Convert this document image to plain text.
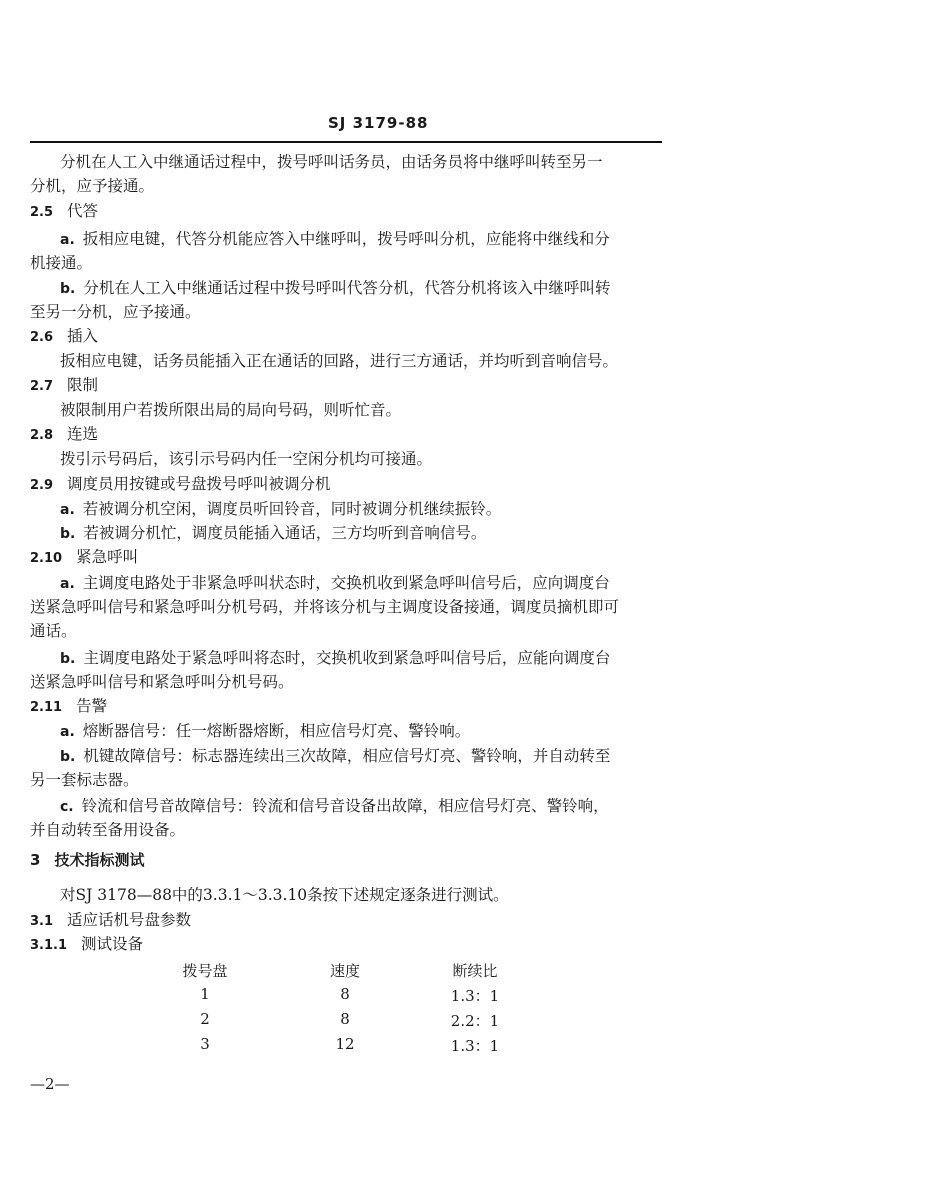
SJ 3179-88
分机在人工入中继通话过程中，拨号呼叫话务员，由话务员将中继呼叫转至另一
分机，应予接通。
2.5 代答
a. 扳相应电键，代答分机能应答入中继呼叫，拨号呼叫分机，应能将中继线和分
机接通。
b. 分机在人工入中继通话过程中拨号呼叫代答分机，代答分机将该入中继呼叫转
至另一分机，应予接通。
2.6 插入
扳相应电键，话务员能插入正在通话的回路，进行三方通话，并均听到音响信号。
2.7 限制
被限制用户若拨所限出局的局向号码，则听忙音。
2.8 连选
拨引示号码后，该引示号码内任一空闲分机均可接通。
2.9 调度员用按键或号盘拨号呼叫被调分机
a. 若被调分机空闲，调度员听回铃音，同时被调分机继续振铃。
b. 若被调分机忙，调度员能插入通话，三方均听到音响信号。
2.10 紧急呼叫
a. 主调度电路处于非紧急呼叫状态时，交换机收到紧急呼叫信号后，应向调度台
送紧急呼叫信号和紧急呼叫分机号码，并将该分机与主调度设备接通，调度员摘机即可
通话。
b. 主调度电路处于紧急呼叫将态时，交换机收到紧急呼叫信号后，应能向调度台
送紧急呼叫信号和紧急呼叫分机号码。
2.11 告警
a. 熔断器信号：任一熔断器熔断，相应信号灯亮、警铃响。
b. 机键故障信号：标志器连续出三次故障，相应信号灯亮、警铃响，并自动转至
另一套标志器。
c. 铃流和信号音故障信号：铃流和信号音设备出故障，相应信号灯亮、警铃响，
并自动转至备用设备。
3 技术指标测试
对SJ 3178—88中的3.3.1～3.3.10条按下述规定逐条进行测试。
3.1 适应话机号盘参数
3.1.1 测试设备
拨号盘	速度	断续比
1	8	1.3：1
2	8	2.2：1
3	12	1.3：1
—2—
